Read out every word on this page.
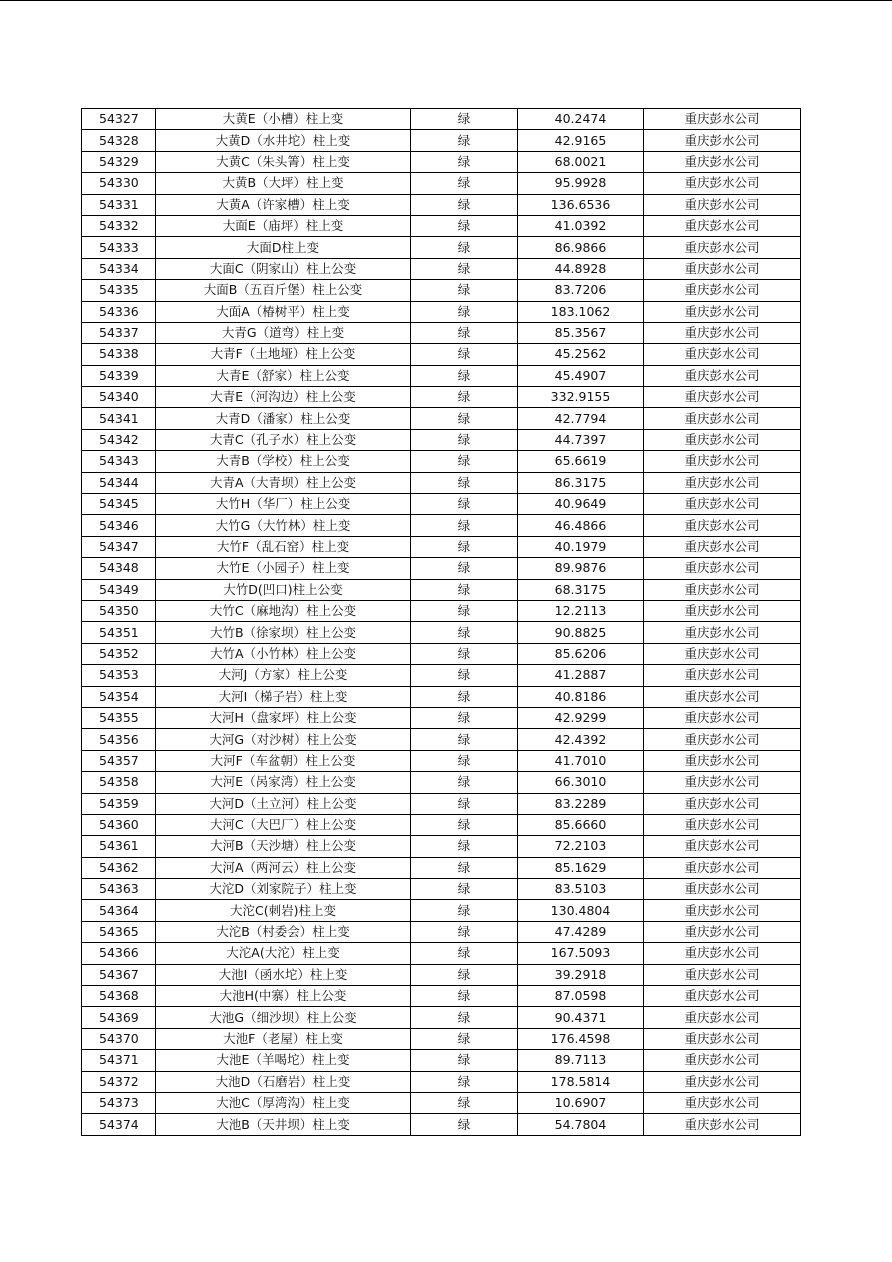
54327	大黄E（小槽）柱上变	绿	40.2474	重庆彭水公司
54328	大黄D（水井坨）柱上变	绿	42.9165	重庆彭水公司
54329	大黄C（朱头箐）柱上变	绿	68.0021	重庆彭水公司
54330	大黄B（大坪）柱上变	绿	95.9928	重庆彭水公司
54331	大黄A（许家槽）柱上变	绿	136.6536	重庆彭水公司
54332	大面E（庙坪）柱上变	绿	41.0392	重庆彭水公司
54333	大面D柱上变	绿	86.9866	重庆彭水公司
54334	大面C（阴家山）柱上公变	绿	44.8928	重庆彭水公司
54335	大面B（五百斤堡）柱上公变	绿	83.7206	重庆彭水公司
54336	大面A（椿树平）柱上变	绿	183.1062	重庆彭水公司
54337	大青G（道弯）柱上变	绿	85.3567	重庆彭水公司
54338	大青F（土地垭）柱上公变	绿	45.2562	重庆彭水公司
54339	大青E（舒家）柱上公变	绿	45.4907	重庆彭水公司
54340	大青E（河沟边）柱上公变	绿	332.9155	重庆彭水公司
54341	大青D（潘家）柱上公变	绿	42.7794	重庆彭水公司
54342	大青C（孔子水）柱上公变	绿	44.7397	重庆彭水公司
54343	大青B（学校）柱上公变	绿	65.6619	重庆彭水公司
54344	大青A（大青坝）柱上公变	绿	86.3175	重庆彭水公司
54345	大竹H（华厂）柱上公变	绿	40.9649	重庆彭水公司
54346	大竹G（大竹林）柱上变	绿	46.4866	重庆彭水公司
54347	大竹F（乱石窑）柱上变	绿	40.1979	重庆彭水公司
54348	大竹E（小园子）柱上变	绿	89.9876	重庆彭水公司
54349	大竹D(凹口)柱上公变	绿	68.3175	重庆彭水公司
54350	大竹C（麻地沟）柱上公变	绿	12.2113	重庆彭水公司
54351	大竹B（徐家坝）柱上公变	绿	90.8825	重庆彭水公司
54352	大竹A（小竹林）柱上公变	绿	85.6206	重庆彭水公司
54353	大河J（方家）柱上公变	绿	41.2887	重庆彭水公司
54354	大河I（梯子岩）柱上变	绿	40.8186	重庆彭水公司
54355	大河H（盘家坪）柱上公变	绿	42.9299	重庆彭水公司
54356	大河G（对沙树）柱上公变	绿	42.4392	重庆彭水公司
54357	大河F（车盆朝）柱上公变	绿	41.7010	重庆彭水公司
54358	大河E（呙家湾）柱上公变	绿	66.3010	重庆彭水公司
54359	大河D（土立河）柱上公变	绿	83.2289	重庆彭水公司
54360	大河C（大巴厂）柱上公变	绿	85.6660	重庆彭水公司
54361	大河B（天沙塘）柱上公变	绿	72.2103	重庆彭水公司
54362	大河A（两河云）柱上公变	绿	85.1629	重庆彭水公司
54363	大沱D（刘家院子）柱上变	绿	83.5103	重庆彭水公司
54364	大沱C(刺岩)柱上变	绿	130.4804	重庆彭水公司
54365	大沱B（村委会）柱上变	绿	47.4289	重庆彭水公司
54366	大沱A(大沱）柱上变	绿	167.5093	重庆彭水公司
54367	大池I（函水坨）柱上变	绿	39.2918	重庆彭水公司
54368	大池H(中寨）柱上公变	绿	87.0598	重庆彭水公司
54369	大池G（细沙坝）柱上公变	绿	90.4371	重庆彭水公司
54370	大池F（老屋）柱上变	绿	176.4598	重庆彭水公司
54371	大池E（羊喝坨）柱上变	绿	89.7113	重庆彭水公司
54372	大池D（石磨岩）柱上变	绿	178.5814	重庆彭水公司
54373	大池C（厚湾沟）柱上变	绿	10.6907	重庆彭水公司
54374	大池B（天井坝）柱上变	绿	54.7804	重庆彭水公司
